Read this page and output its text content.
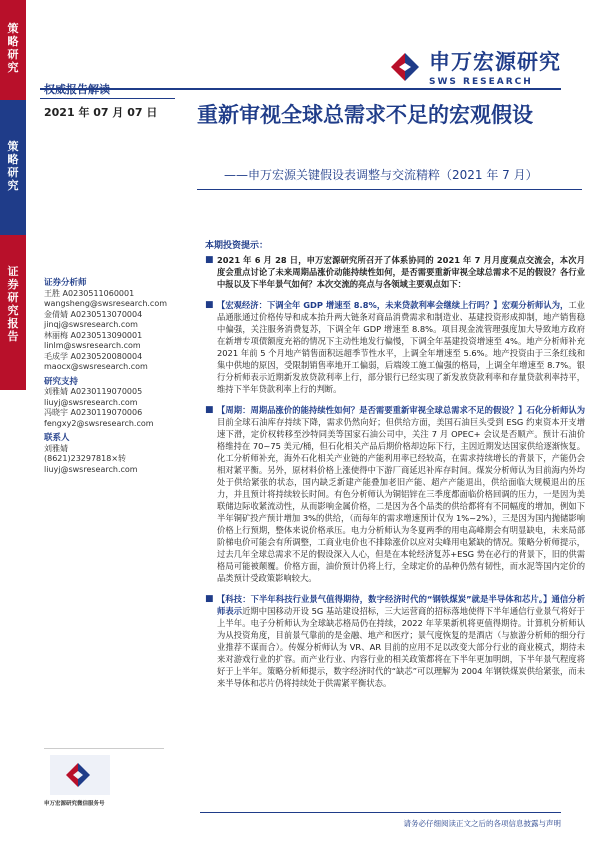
策略研究
策略研究
证券研究报告
申万宏源研究
SWS RESEARCH
2021 年 07 月 07 日 重新审视全球总需求不足的宏观假设
——申万宏源关键假设表调整与交流精粹（2021 年 7 月）
证券分析师
王胜 A0230511060001
wangsheng@swsresearch.com
金倩婧 A0230513070004
jinqj@swsresearch.com
林丽梅 A0230513090001
linlm@swsresearch.com
毛成学 A0230520080004
maocx@swsresearch.com
研究支持
刘雅婧 A0230119070005
liuyj@swsresearch.com
冯晓宇 A0230119070006
fengxy2@swsresearch.com
联系人
刘雅婧
(8621)23297818×转
liuyj@swsresearch.com
申万宏源研究微信服务号
本期投资提示：
■ 2021 年 6 月 28 日，申万宏源研究所召开了体系协同的 2021 年 7 月月度观点交流会，本次月度会重点讨论了未来周期品涨价动能持续性如何，是否需要重新审视全球总需求不足的假设？各行业中报以及下半年景气如何？本次交流的亮点与各领域主要观点如下：
■ 【宏观经济：下调全年 GDP 增速至 8.8%，未来贷款利率会继续上行吗？】宏观分析师认为，工业品通胀通过价格传导和成本抬升两大链条对商品消费需求和制造业、基建投资形成抑制，地产销售稳中偏强，关注服务消费复苏，下调全年 GDP 增速至 8.8%。项目现金流管理强度加大导致地方政府在新增专项债额度充裕的情况下主动性地发行偏慢，下调全年基建投资增速至 4%。地产分析师补充 2021 年前 5 个月地产销售面积远超季节性水平，上调全年增速至 5.6%。地产投资由于三条红线和集中供地的原因，受限制销售率地开工偏弱，后端竣工施工偏强的格局，上调全年增速至 8.7%。银行分析师表示近期新发放贷款利率上行，部分银行已经实现了新发放贷款利率和存量贷款利率持平，维持下半年贷款利率上行的判断。
■ 【周期：周期品涨价的能持续性如何？是否需要重新审视全球总需求不足的假设？】石化分析师认为目前全球石油库存持续下降，需求仍然向好；但供给方面，美国石油巨头受到 ESG 约束资本开支增速下滑，定价权转移至沙特同美等国家石油公司中，关注 7 月 OPEC+ 会议是否顺产。预计石油价格维持在 70~75 美元/桶，但石化相关产品后期价格却边际下行，主因近期发达国家供给逐渐恢复。化工分析师补充，海外石化相关产业链的产能利用率已经较高，在需求持续增长的背景下，产能仍会相对紧平衡。另外，原材料价格上涨使得中下游厂商延迟补库存时间。煤炭分析师认为目前海内外均处于供给紧张的状态，国内缺乏新建产能叠加老旧产能、超产产能退出，供给面临大规模退出的压力，并且预计将持续较长时间。有色分析师认为铜铝锌在三季度都面临价格回调的压力，一是因为美联储边际收紧流动性，从而影响金属价格，二是因为各个品类的供给都将有不同幅度的增加，例如下半年铜矿投产预计增加 3%的供给，（而每年的需求增速预计仅为 1%~2%），三是因为国内抛储影响价格上行预期，整体来说价格承压。电力分析师认为冬夏两季的用电高峰期会有明显缺电，未来局部阶梯电价可能会有所调整，工商业电价也不排除涨价以应对尖峰用电紧缺的情况。策略分析师提示，过去几年全球总需求不足的假设深入人心，但是在本轮经济复苏+ESG 势在必行的背景下，旧的供需格局可能被颠覆。价格方面，油价预计仍将上行，全球定价的品种仍然有韧性，而水泥等国内定价的品类预计受政策影响较大。
■ 【科技：下半年科技行业景气值得期待，数字经济时代的“钢铁煤炭”就是半导体和芯片。】通信分析师表示近期中国移动开设 5G 基站建设招标，三大运营商的招标落地使得下半年通信行业景气将好于上半年。电子分析师认为全球缺芯格局仍在持续，2022 年苹果新机将更值得期待。计算机分析师认为从投资角度，目前景气靠前的是金融、地产和医疗；景气度恢复的是酒店（与旅游分析师的细分行业推荐不谋而合）。传媒分析师认为 VR、AR 目前的应用不足以改变大部分行业的商业模式，期待未来对游戏行业的扩容。而产业行业、内容行业的相关政策都将在下半年更加明朗，下半年景气程度将好于上半年。策略分析师提示，数字经济时代的“缺芯”可以理解为 2004 年钢铁煤炭供给紧张，而未来半导体和芯片仍将持续处于供需紧平衡状态。
请务必仔细阅读正文之后的各项信息披露与声明
